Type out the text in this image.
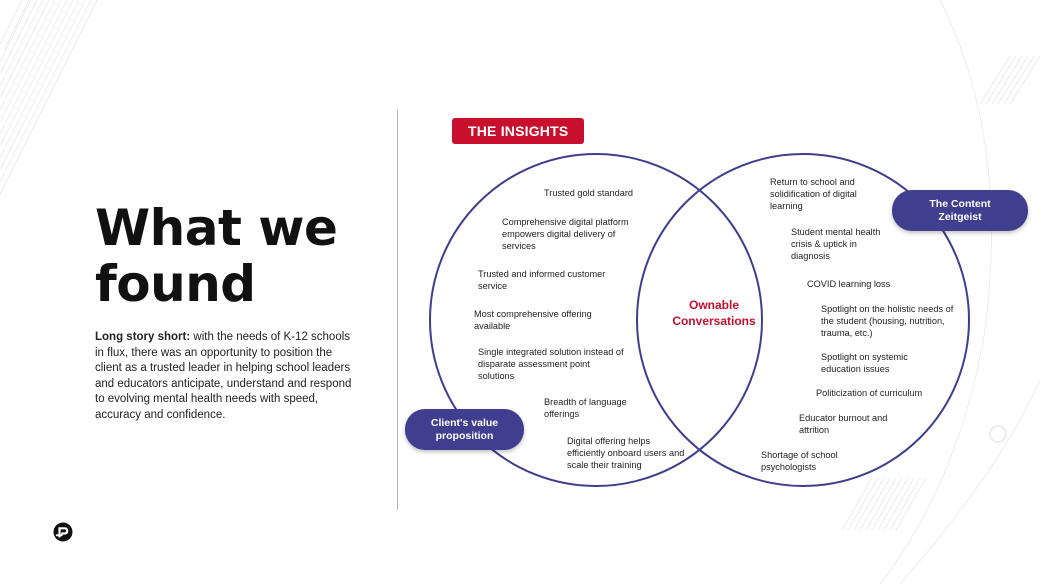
What we found
Long story short: with the needs of K-12 schools in flux, there was an opportunity to position the client as a trusted leader in helping school leaders and educators anticipate, understand and respond to evolving mental health needs with speed, accuracy and confidence.
THE INSIGHTS
Trusted gold standard
Comprehensive digital platform empowers digital delivery of services
Trusted and informed customer service
Most comprehensive offering available
Single integrated solution instead of disparate assessment point solutions
Breadth of language offerings
Digital offering helps efficiently onboard users and scale their training
Return to school and solidification of digital learning
Student mental health crisis & uptick in diagnosis
COVID learning loss
Spotlight on the holistic needs of the student (housing, nutrition, trauma, etc.)
Spotlight on systemic education issues
Politicization of curriculum
Educator burnout and attrition
Shortage of school psychologists
Ownable Conversations
Client's value proposition
The Content Zeitgeist
